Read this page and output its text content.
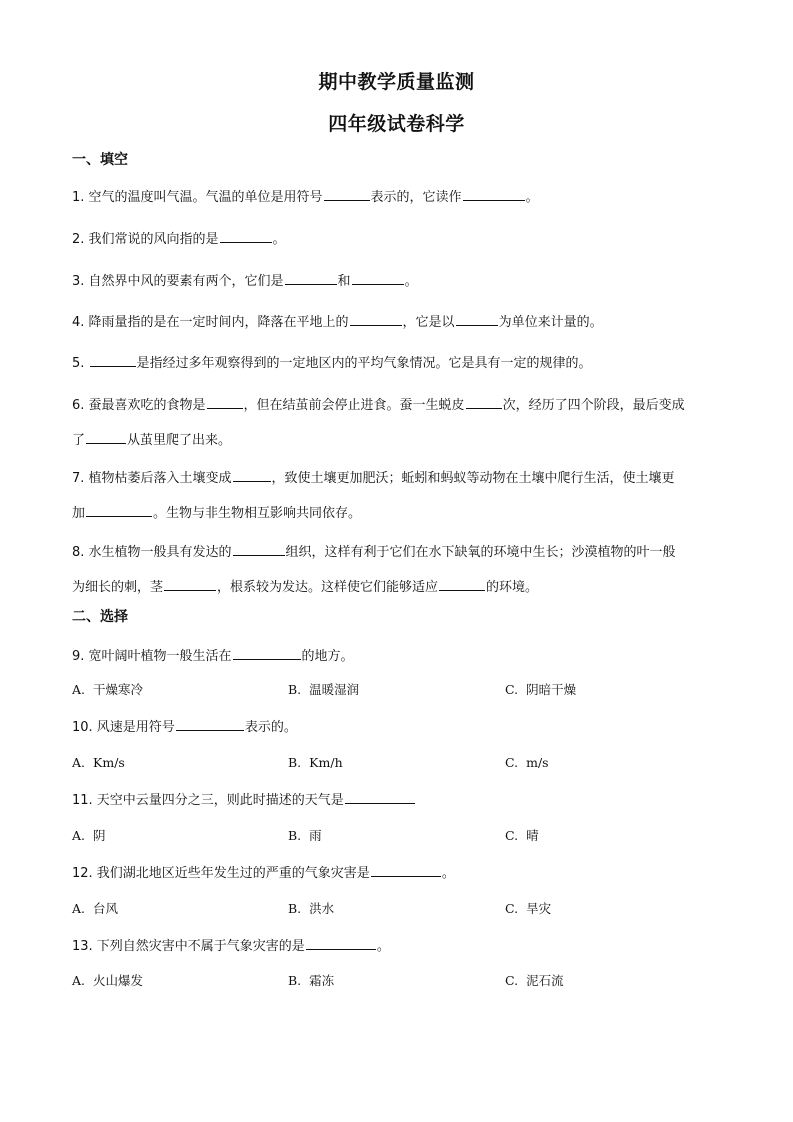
期中教学质量监测
四年级试卷科学
一、填空
1. 空气的温度叫气温。气温的单位是用符号	表示的，它读作	。
2. 我们常说的风向指的是	。
3. 自然界中风的要素有两个，它们是	和	。
4. 降雨量指的是在一定时间内，降落在平地上的	，它是以	为单位来计量的。
5.	是指经过多年观察得到的一定地区内的平均气象情况。它是具有一定的规律的。
6. 蚕最喜欢吃的食物是	，但在结茧前会停止进食。蚕一生蜕皮	次，经历了四个阶段，最后变成
了	从茧里爬了出来。
7. 植物枯萎后落入土壤变成	，致使土壤更加肥沃；蚯蚓和蚂蚁等动物在土壤中爬行生活，使土壤更
加	。生物与非生物相互影响共同依存。
8. 水生植物一般具有发达的	组织，这样有利于它们在水下缺氧的环境中生长；沙漠植物的叶一般
为细长的刺，茎	，根系较为发达。这样使它们能够适应	的环境。
二、选择
9. 宽叶阔叶植物一般生活在	的地方。
A. 干燥寒冷	B. 温暖湿润	C. 阴暗干燥
10. 风速是用符号	表示的。
A. Km/s	B. Km/h	C. m/s
11. 天空中云量四分之三，则此时描述的天气是
A. 阴	B. 雨	C. 晴
12. 我们湖北地区近些年发生过的严重的气象灾害是	。
A. 台风	B. 洪水	C. 旱灾
13. 下列自然灾害中不属于气象灾害的是	。
A. 火山爆发	B. 霜冻	C. 泥石流
